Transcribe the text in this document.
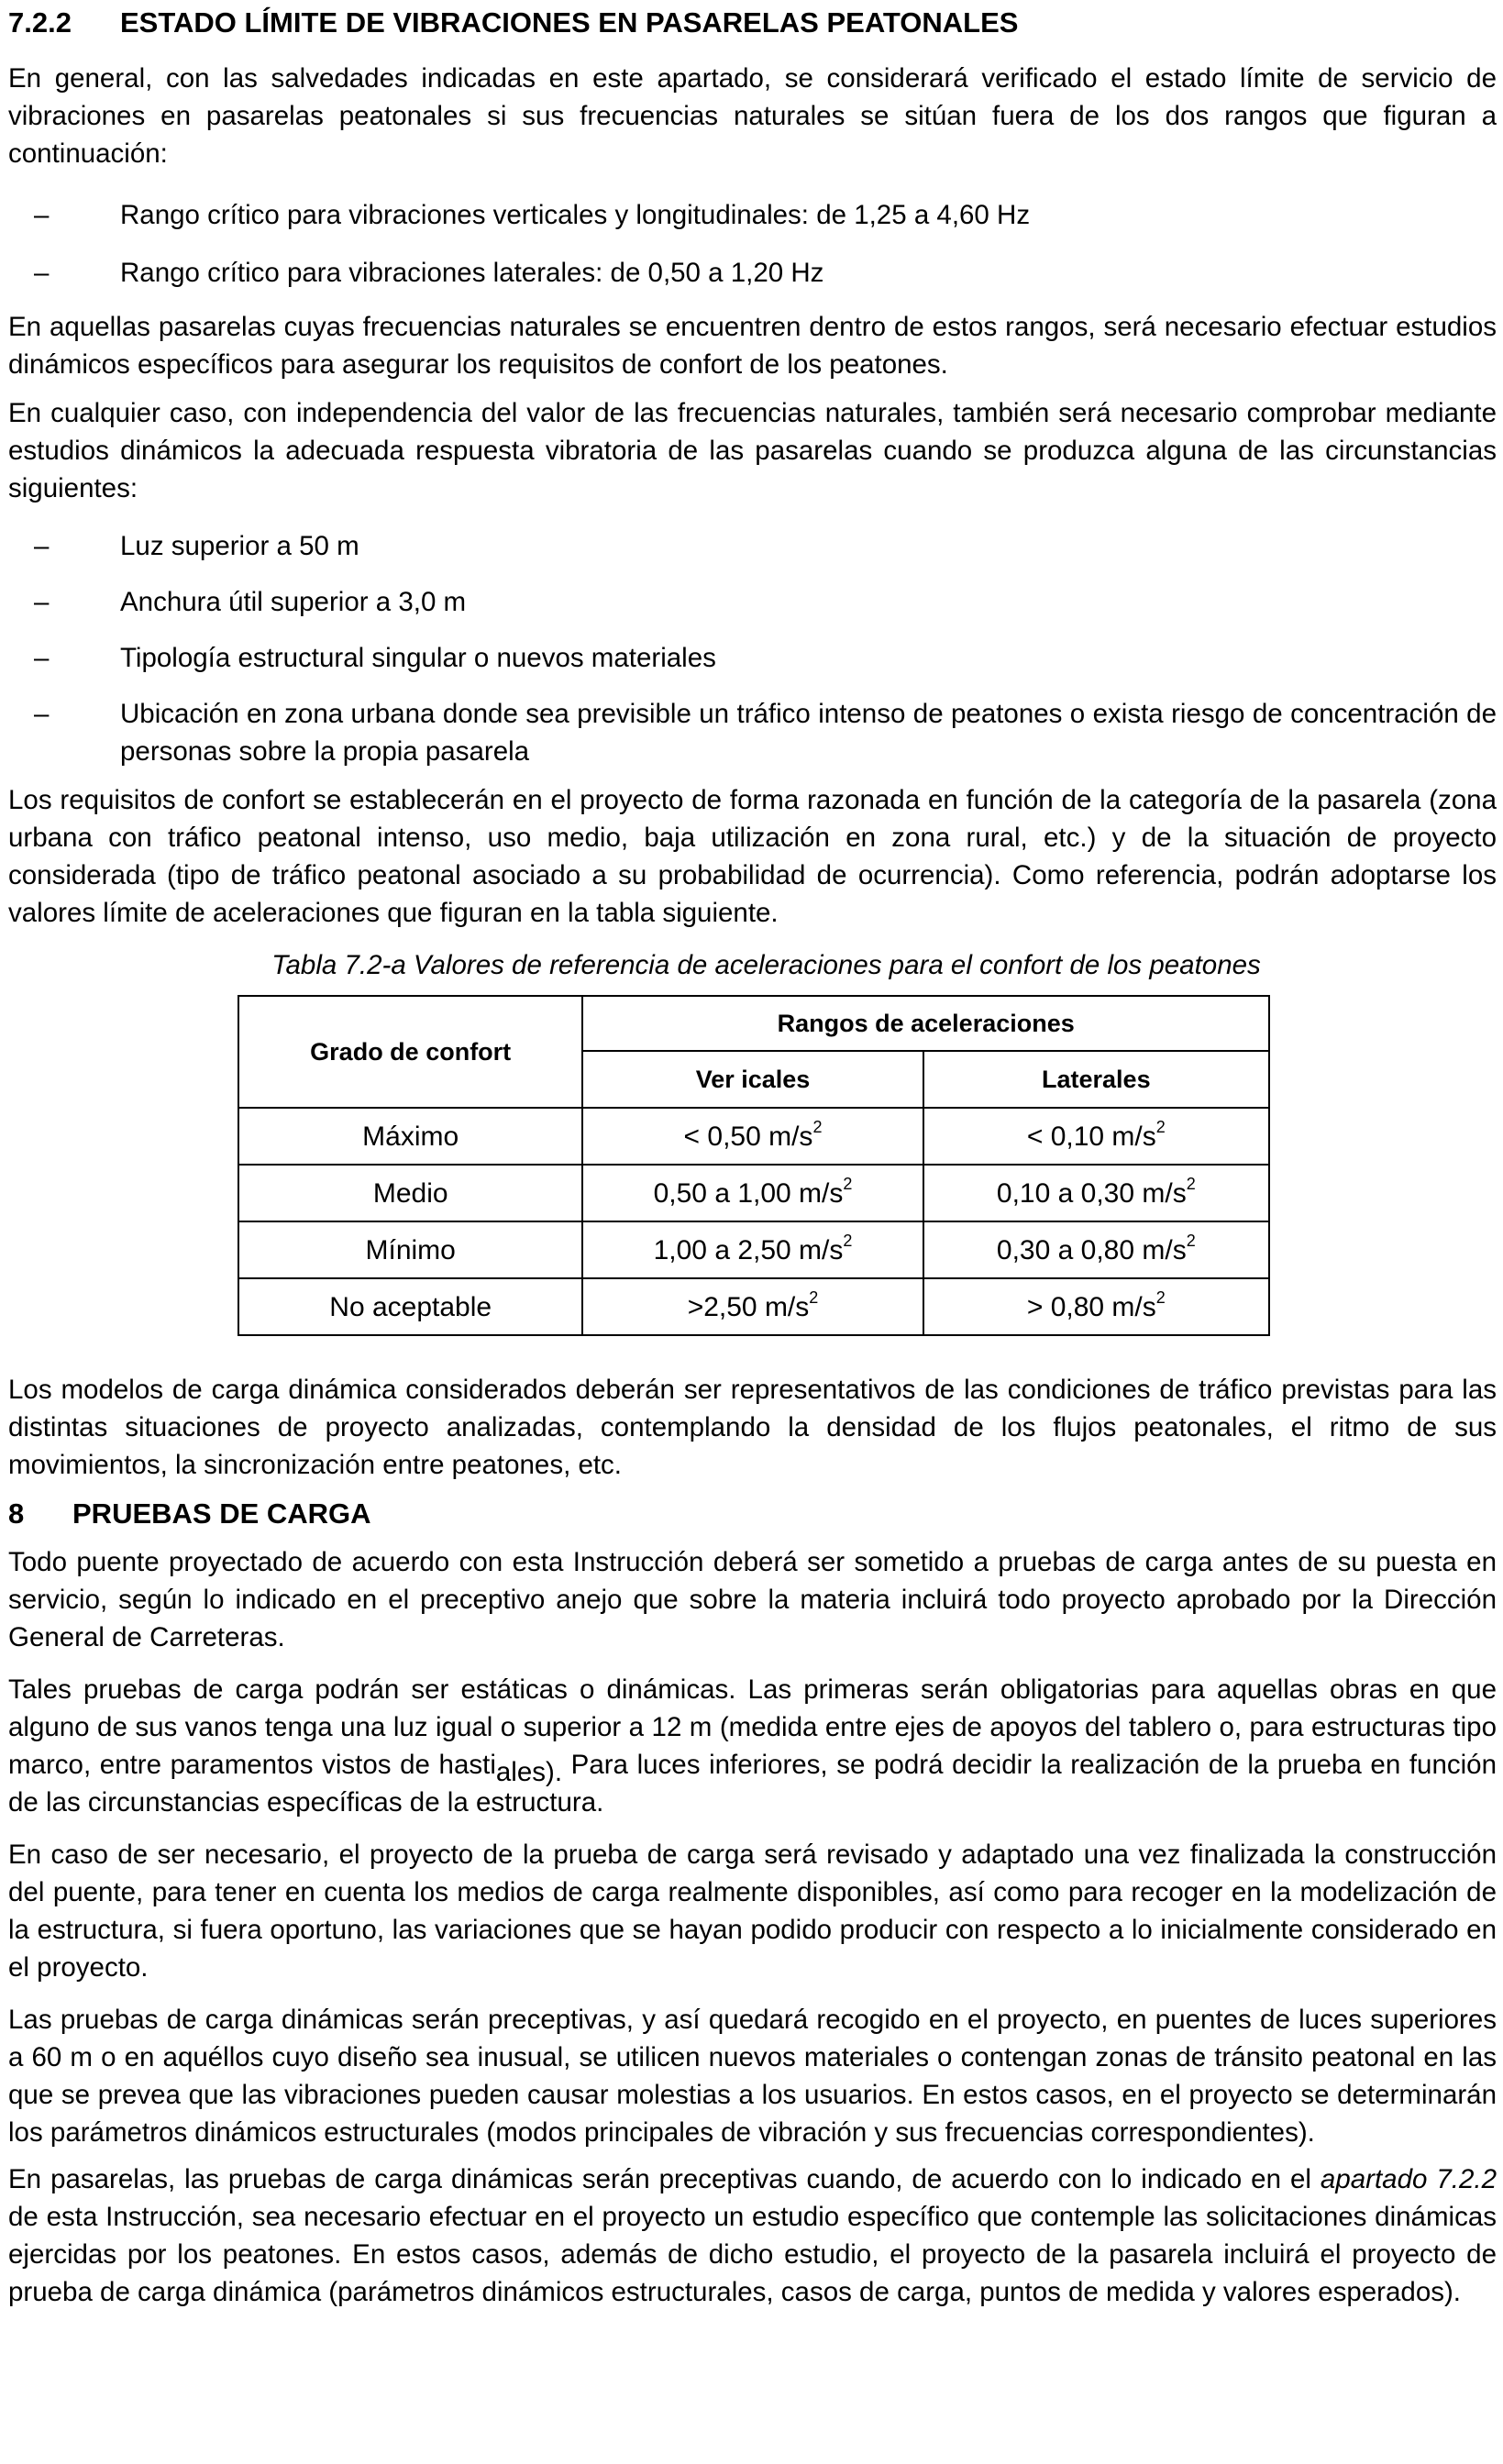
7.2.2	ESTADO LÍMITE DE VIBRACIONES EN PASARELAS PEATONALES

En general, con las salvedades indicadas en este apartado, se considerará verificado el estado límite de servicio de vibraciones en pasarelas peatonales si sus frecuencias naturales se sitúan fuera de los dos rangos que figuran a continuación:

–	Rango crítico para vibraciones verticales y longitudinales: de 1,25 a 4,60 Hz
–	Rango crítico para vibraciones laterales: de 0,50 a 1,20 Hz

En aquellas pasarelas cuyas frecuencias naturales se encuentren dentro de estos rangos, será necesario efectuar estudios dinámicos específicos para asegurar los requisitos de confort de los peatones.

En cualquier caso, con independencia del valor de las frecuencias naturales, también será necesario comprobar mediante estudios dinámicos la adecuada respuesta vibratoria de las pasarelas cuando se produzca alguna de las circunstancias siguientes:

–	Luz superior a 50 m
–	Anchura útil superior a 3,0 m
–	Tipología estructural singular o nuevos materiales
–	Ubicación en zona urbana donde sea previsible un tráfico intenso de peatones o exista riesgo de concentración de personas sobre la propia pasarela

Los requisitos de confort se establecerán en el proyecto de forma razonada en función de la categoría de la pasarela (zona urbana con tráfico peatonal intenso, uso medio, baja utilización en zona rural, etc.) y de la situación de proyecto considerada (tipo de tráfico peatonal asociado a su probabilidad de ocurrencia). Como referencia, podrán adoptarse los valores límite de aceleraciones que figuran en la tabla siguiente.

Tabla 7.2-a Valores de referencia de aceleraciones para el confort de los peatones

Grado de confort	Rangos de aceleraciones	
	Ver icales	Laterales
Máximo	< 0,50 $m/s^2$	< 0,10 $m/s^2$
Medio	0,50 a 1,00 $m/s^2$	0,10 a 0,30 $m/s^2$
Mínimo	1,00 a 2,50 $m/s^2$	0,30 a 0,80 $m/s^2$
No aceptable	>2,50 $m/s^2$	> 0,80 $m/s^2$

Los modelos de carga dinámica considerados deberán ser representativos de las condiciones de tráfico previstas para las distintas situaciones de proyecto analizadas, contemplando la densidad de los flujos peatonales, el ritmo de sus movimientos, la sincronización entre peatones, etc.

8	PRUEBAS DE CARGA

Todo puente proyectado de acuerdo con esta Instrucción deberá ser sometido a pruebas de carga antes de su puesta en servicio, según lo indicado en el preceptivo anejo que sobre la materia incluirá todo proyecto aprobado por la Dirección General de Carreteras.

Tales pruebas de carga podrán ser estáticas o dinámicas. Las primeras serán obligatorias para aquellas obras en que alguno de sus vanos tenga una luz igual o superior a 12 m (medida entre ejes de apoyos del tablero o, para estructuras tipo marco, entre paramentos vistos de hastiales). Para luces inferiores, se podrá decidir la realización de la prueba en función de las circunstancias específicas de la estructura.

En caso de ser necesario, el proyecto de la prueba de carga será revisado y adaptado una vez finalizada la construcción del puente, para tener en cuenta los medios de carga realmente disponibles, así como para recoger en la modelización de la estructura, si fuera oportuno, las variaciones que se hayan podido producir con respecto a lo inicialmente considerado en el proyecto.

Las pruebas de carga dinámicas serán preceptivas, y así quedará recogido en el proyecto, en puentes de luces superiores a 60 m o en aquéllos cuyo diseño sea inusual, se utilicen nuevos materiales o contengan zonas de tránsito peatonal en las que se prevea que las vibraciones pueden causar molestias a los usuarios. En estos casos, en el proyecto se determinarán los parámetros dinámicos estructurales (modos principales de vibración y sus frecuencias correspondientes).

En pasarelas, las pruebas de carga dinámicas serán preceptivas cuando, de acuerdo con lo indicado en el apartado 7.2.2 de esta Instrucción, sea necesario efectuar en el proyecto un estudio específico que contemple las solicitaciones dinámicas ejercidas por los peatones. En estos casos, además de dicho estudio, el proyecto de la pasarela incluirá el proyecto de prueba de carga dinámica (parámetros dinámicos estructurales, casos de carga, puntos de medida y valores esperados).
